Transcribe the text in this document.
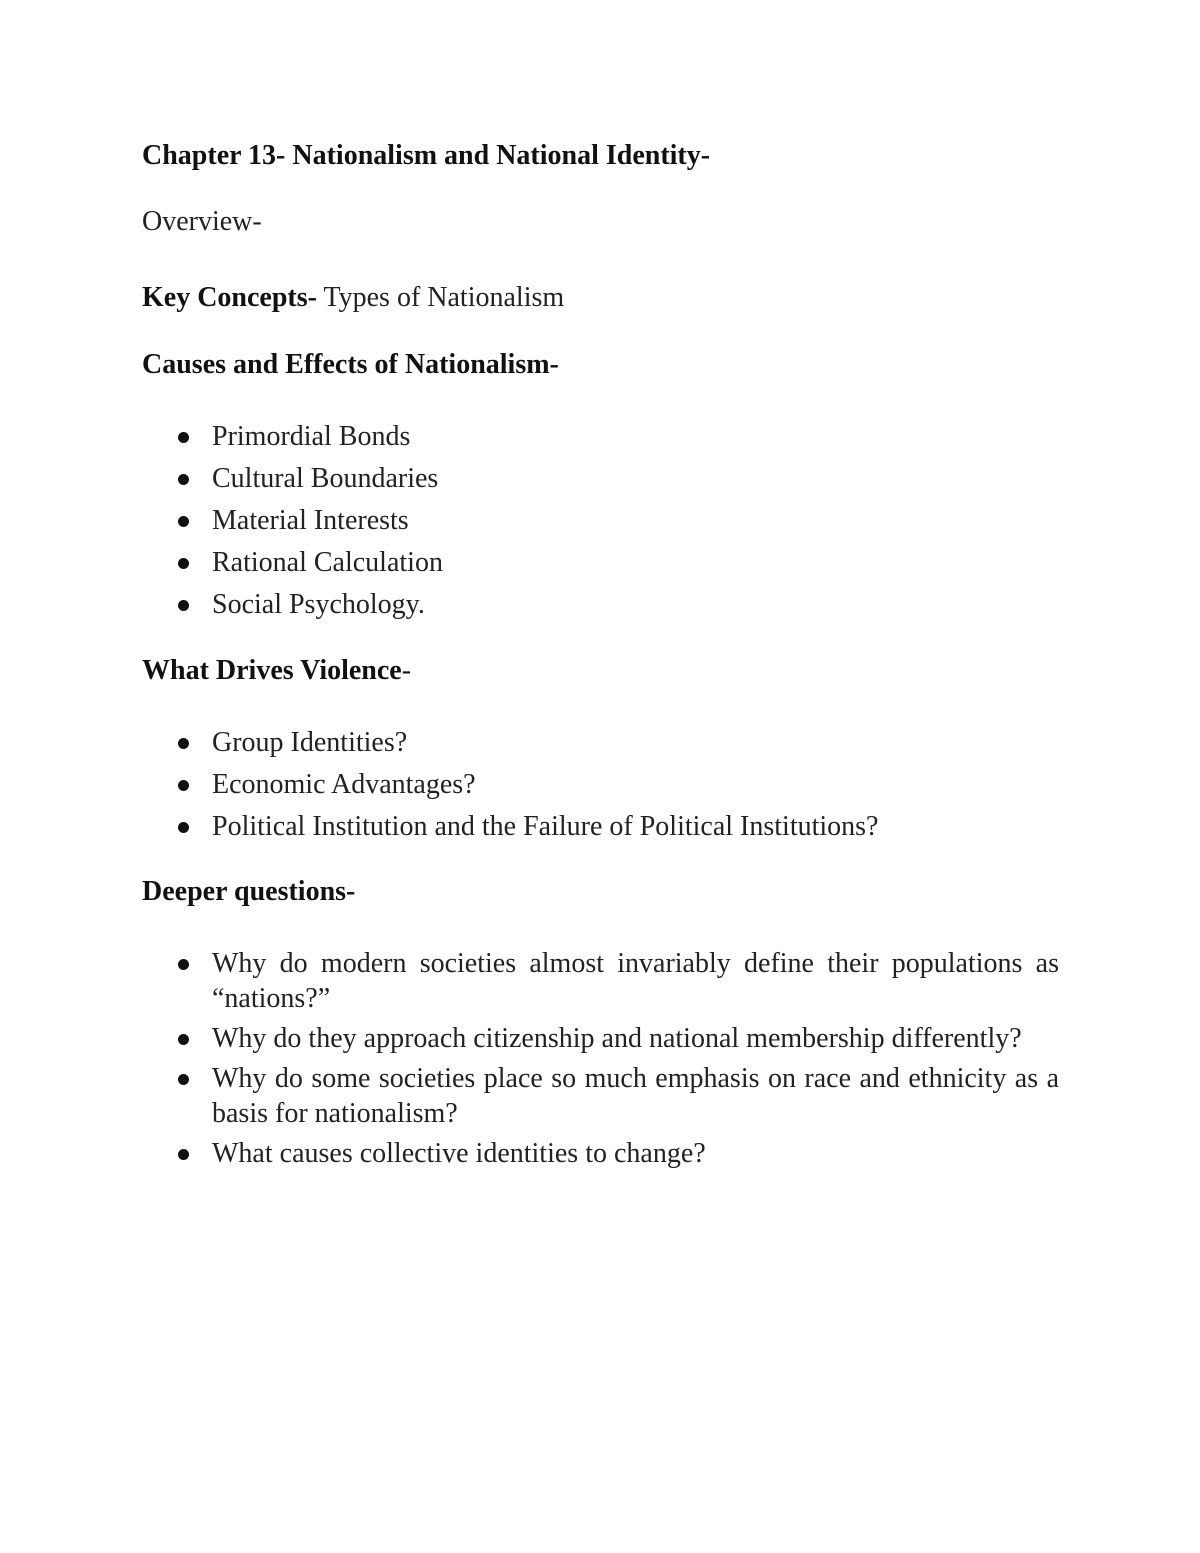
Chapter 13- Nationalism and National Identity-

Overview-

Key Concepts- Types of Nationalism

Causes and Effects of Nationalism-
Primordial Bonds
Cultural Boundaries
Material Interests
Rational Calculation
Social Psychology.
What Drives Violence-
Group Identities?
Economic Advantages?
Political Institution and the Failure of Political Institutions?
Deeper questions-
Why do modern societies almost invariably define their populations as “nations?”
Why do they approach citizenship and national membership differently?
Why do some societies place so much emphasis on race and ethnicity as a basis for nationalism?
What causes collective identities to change?
